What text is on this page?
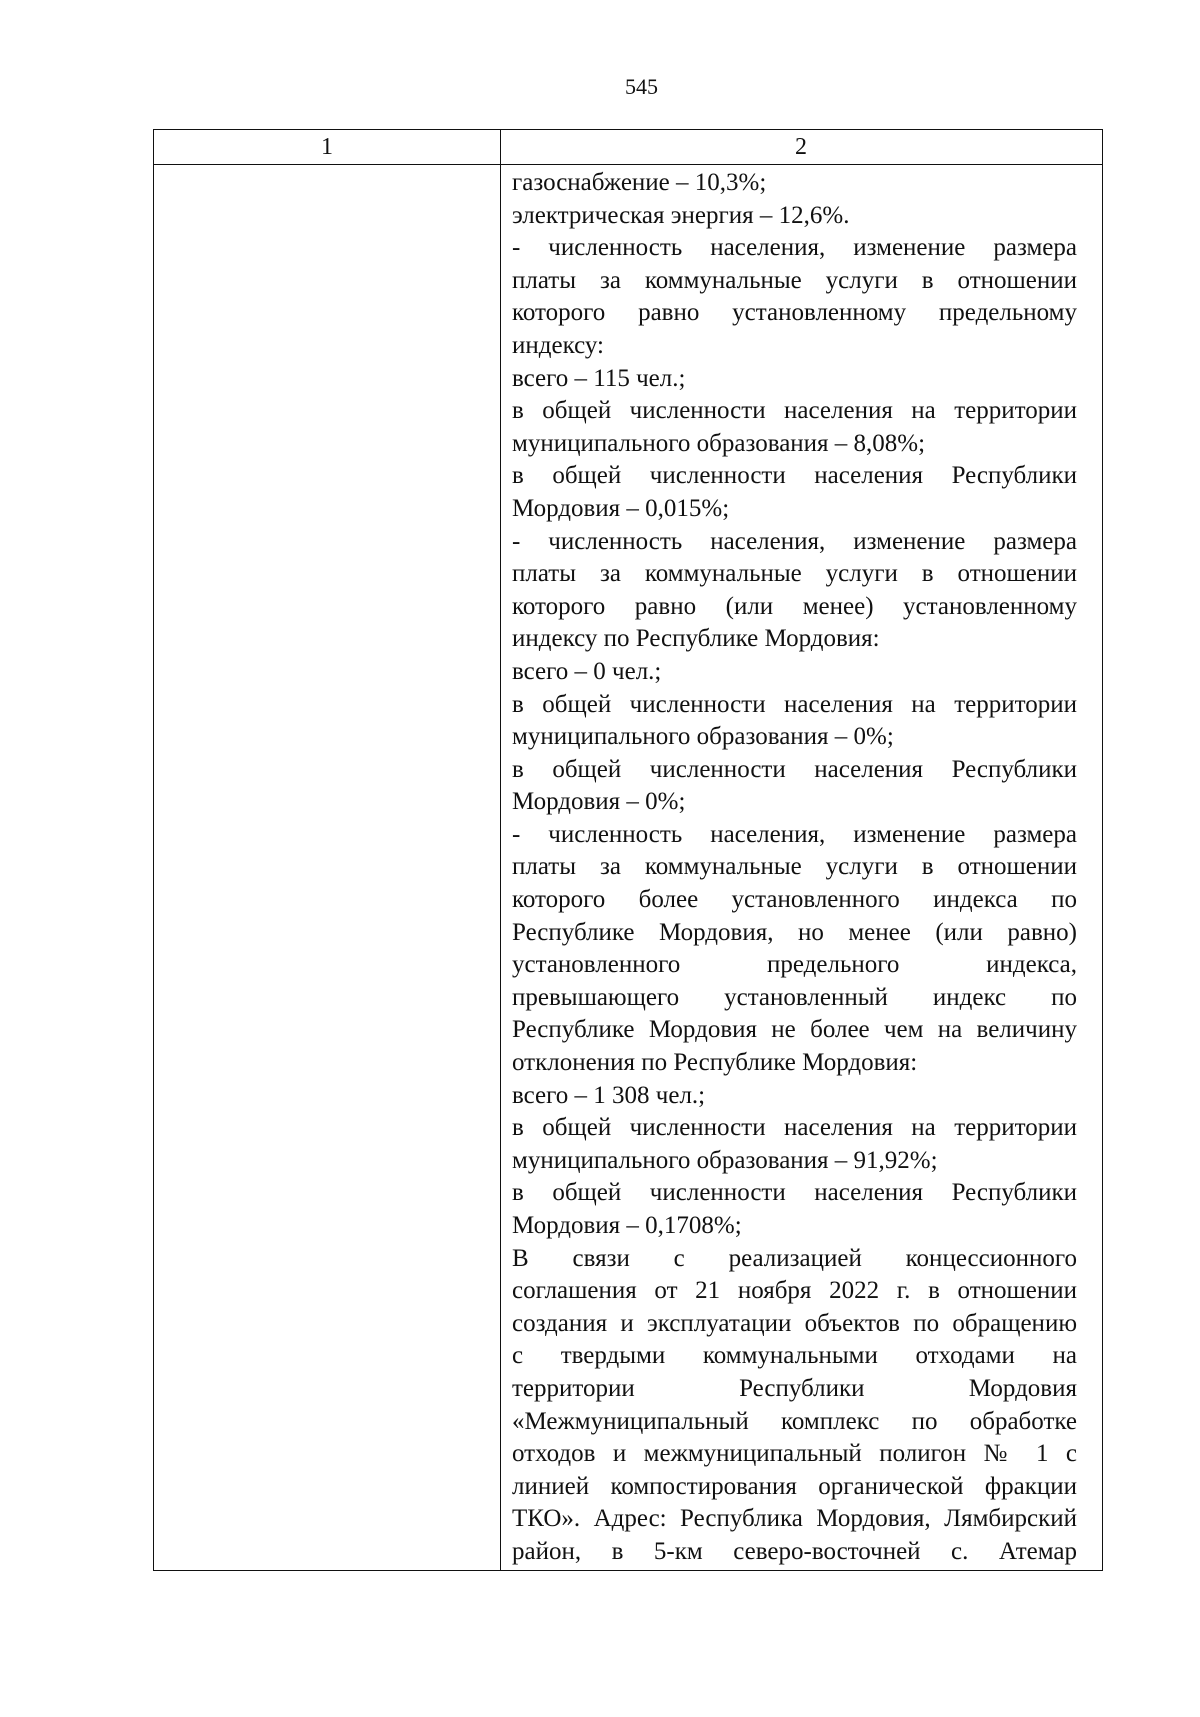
545
1	2
газоснабжение – 10,3%;
электрическая энергия – 12,6%.
- численность населения, изменение размера
платы за коммунальные услуги в отношении
которого равно установленному предельному
индексу:
всего – 115 чел.;
в общей численности населения на территории
муниципального образования – 8,08%;
в общей численности населения Республики
Мордовия – 0,015%;
- численность населения, изменение размера
платы за коммунальные услуги в отношении
которого равно (или менее) установленному
индексу по Республике Мордовия:
всего – 0 чел.;
в общей численности населения на территории
муниципального образования – 0%;
в общей численности населения Республики
Мордовия – 0%;
- численность населения, изменение размера
платы за коммунальные услуги в отношении
которого более установленного индекса по
Республике Мордовия, но менее (или равно)
установленного предельного индекса,
превышающего установленный индекс по
Республике Мордовия не более чем на величину
отклонения по Республике Мордовия:
всего – 1 308 чел.;
в общей численности населения на территории
муниципального образования – 91,92%;
в общей численности населения Республики
Мордовия – 0,1708%;
В связи с реализацией концессионного
соглашения от 21 ноября 2022 г. в отношении
создания и эксплуатации объектов по обращению
с твердыми коммунальными отходами на
территории Республики Мордовия
«Межмуниципальный комплекс по обработке
отходов и межмуниципальный полигон № 1 с
линией компостирования органической фракции
ТКО». Адрес: Республика Мордовия, Лямбирский
район, в 5-км северо-восточней с. Атемар
